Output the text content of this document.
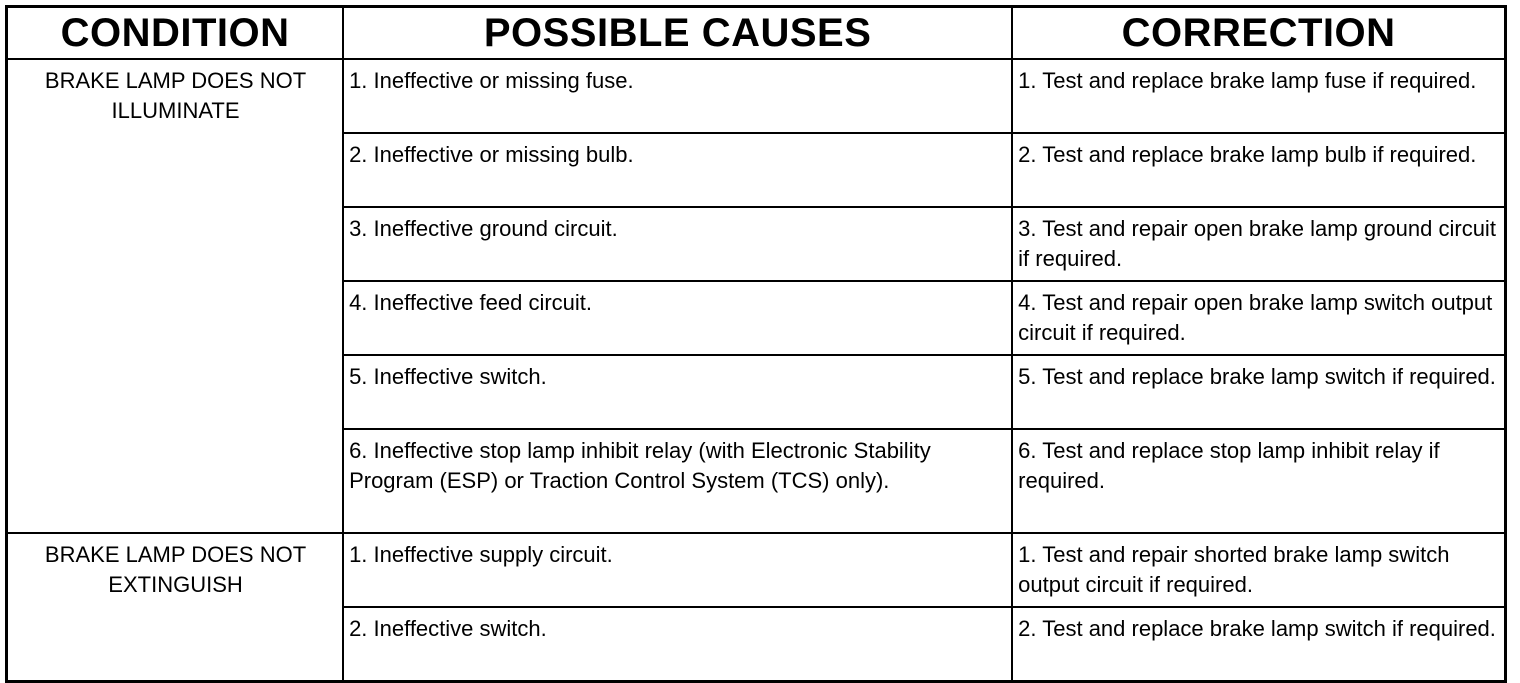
CONDITION	POSSIBLE CAUSES	CORRECTION

BRAKE LAMP DOES NOT
ILLUMINATE	1. Ineffective or missing fuse.	1. Test and replace brake lamp fuse if required.
	2. Ineffective or missing bulb.	2. Test and replace brake lamp bulb if required.
	3. Ineffective ground circuit.	3. Test and repair open brake lamp ground circuit if required.
	4. Ineffective feed circuit.	4. Test and repair open brake lamp switch output circuit if required.
	5. Ineffective switch.	5. Test and replace brake lamp switch if required.
	6. Ineffective stop lamp inhibit relay (with Electronic Stability Program (ESP) or Traction Control System (TCS) only).	6. Test and replace stop lamp inhibit relay if required.

BRAKE LAMP DOES NOT
EXTINGUISH	1. Ineffective supply circuit.	1. Test and repair shorted brake lamp switch output circuit if required.
	2. Ineffective switch.	2. Test and replace brake lamp switch if required.
